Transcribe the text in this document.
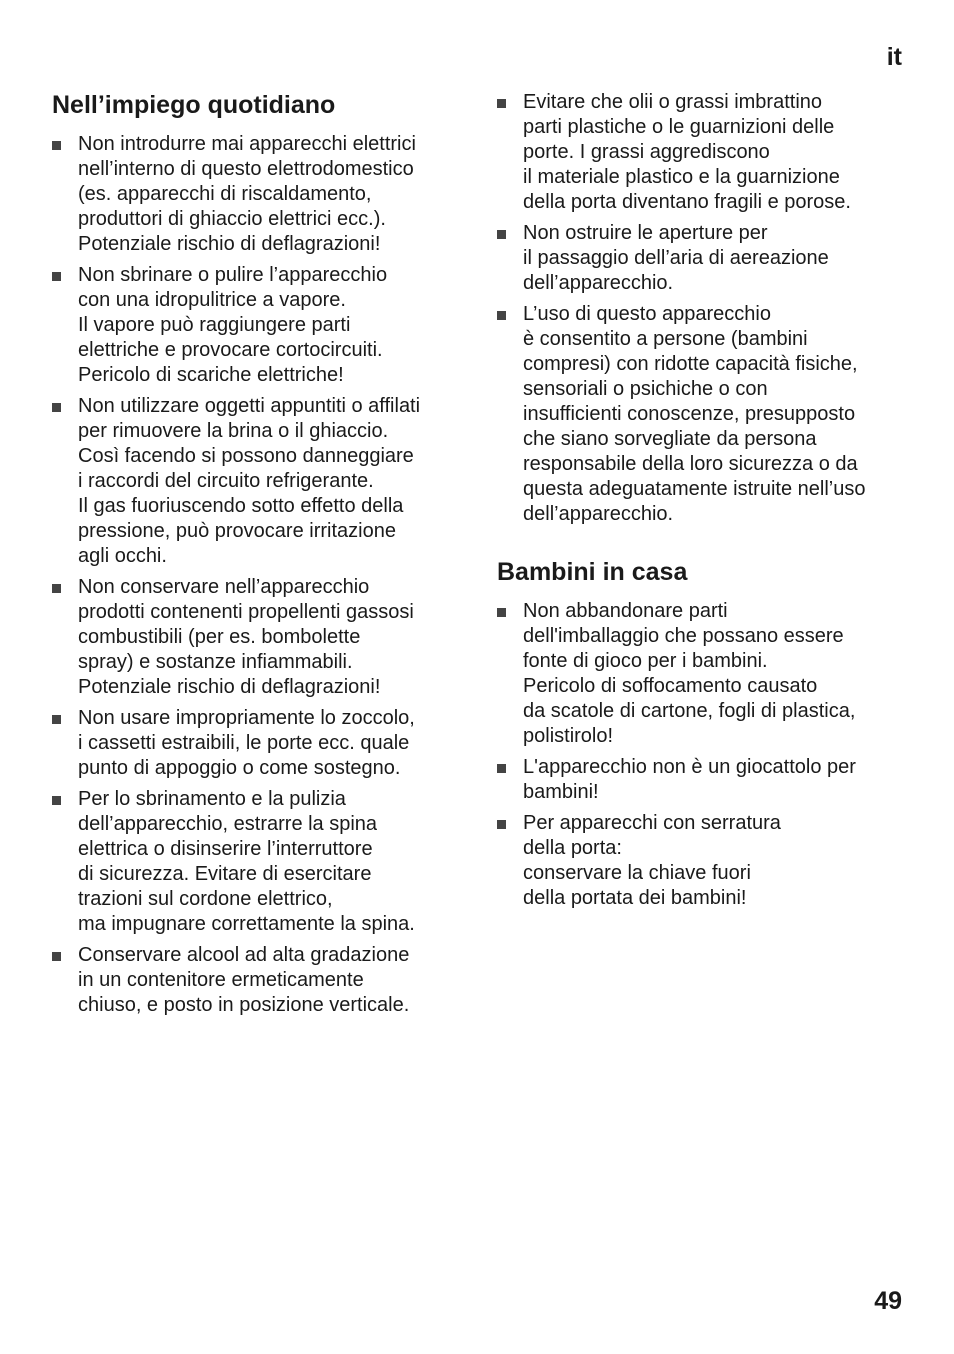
it
Nell’impiego quotidiano
Non introdurre mai apparecchi elettrici
nell’interno di questo elettrodomestico
(es. apparecchi di riscaldamento,
produttori di ghiaccio elettrici ecc.).
Potenziale rischio di deflagrazioni!
Non sbrinare o pulire l’apparecchio
con una idropulitrice a vapore.
Il vapore può raggiungere parti
elettriche e provocare cortocircuiti.
Pericolo di scariche elettriche!
Non utilizzare oggetti appuntiti o affilati
per rimuovere la brina o il ghiaccio.
Così facendo si possono danneggiare
i raccordi del circuito refrigerante.
Il gas fuoriuscendo sotto effetto della
pressione, può provocare irritazione
agli occhi.
Non conservare nell’apparecchio
prodotti contenenti propellenti gassosi
combustibili (per es. bombolette
spray) e sostanze infiammabili.
Potenziale rischio di deflagrazioni!
Non usare impropriamente lo zoccolo,
i cassetti estraibili, le porte ecc. quale
punto di appoggio o come sostegno.
Per lo sbrinamento e la pulizia
dell’apparecchio, estrarre la spina
elettrica o disinserire l’interruttore
di sicurezza. Evitare di esercitare
trazioni sul cordone elettrico,
ma impugnare correttamente la spina.
Conservare alcool ad alta gradazione
in un contenitore ermeticamente
chiuso, e posto in posizione verticale.
Evitare che olii o grassi imbrattino
parti plastiche o le guarnizioni delle
porte. I grassi aggrediscono
il materiale plastico e la guarnizione
della porta diventano fragili e porose.
Non ostruire le aperture per
il passaggio dell’aria di aereazione
dell’apparecchio.
L’uso di questo apparecchio
è consentito a persone (bambini
compresi) con ridotte capacità fisiche,
sensoriali o psichiche o con
insufficienti conoscenze, presupposto
che siano sorvegliate da persona
responsabile della loro sicurezza o da
questa adeguatamente istruite nell’uso
dell’apparecchio.
Bambini in casa
Non abbandonare parti
dell'imballaggio che possano essere
fonte di gioco per i bambini.
Pericolo di soffocamento causato
da scatole di cartone, fogli di plastica,
polistirolo!
L'apparecchio non è un giocattolo per
bambini!
Per apparecchi con serratura
della porta:
conservare la chiave fuori
della portata dei bambini!
49
